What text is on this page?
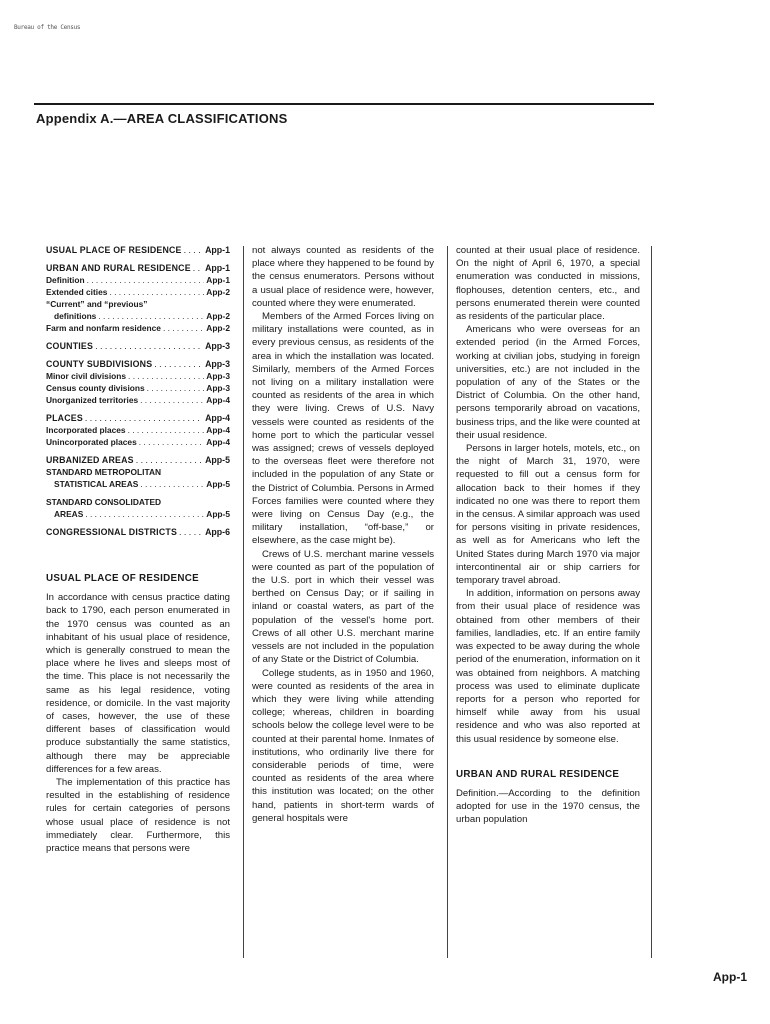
Bureau of the Census
Appendix A.—AREA CLASSIFICATIONS
USUAL PLACE OF RESIDENCE . . .	App-1
URBAN AND RURAL RESIDENCE . . . App-1
Definition . . .	App-1
Extended cities . . .	App-2
“Current” and “previous”
definitions . . .	App-2
Farm and nonfarm residence . . .	App-2
COUNTIES . . .	App-3
COUNTY SUBDIVISIONS . . .	App-3
Minor civil divisions . . .	App-3
Census county divisions . . .	App-3
Unorganized territories . . .	App-4
PLACES . . .	App-4
Incorporated places . . .	App-4
Unincorporated places . . .	App-4
URBANIZED AREAS . . .	App-5
STANDARD METROPOLITAN
STATISTICAL AREAS . . .	App-5
STANDARD CONSOLIDATED
AREAS . . .	App-5
CONGRESSIONAL DISTRICTS . . .	App-6
USUAL PLACE OF RESIDENCE

In accordance with census practice dating back to 1790, each person enumerated in the 1970 census was counted as an inhabitant of his usual place of residence, which is generally construed to mean the place where he lives and sleeps most of the time. This place is not necessarily the same as his legal residence, voting residence, or domicile. In the vast majority of cases, however, the use of these different bases of classification would produce substantially the same statistics, although there may be appreciable differences for a few areas.

The implementation of this practice has resulted in the establishing of residence rules for certain categories of persons whose usual place of residence is not immediately clear. Furthermore, this practice means that persons were

not always counted as residents of the place where they happened to be found by the census enumerators. Persons without a usual place of residence were, however, counted where they were enumerated.

Members of the Armed Forces living on military installations were counted, as in every previous census, as residents of the area in which the installation was located. Similarly, members of the Armed Forces not living on a military installation were counted as residents of the area in which they were living. Crews of U.S. Navy vessels were counted as residents of the home port to which the particular vessel was assigned; crews of vessels deployed to the overseas fleet were therefore not included in the population of any State or the District of Columbia. Persons in Armed Forces families were counted where they were living on Census Day (e.g., the military installation, “off-base,” or elsewhere, as the case might be).

Crews of U.S. merchant marine vessels were counted as part of the population of the U.S. port in which their vessel was berthed on Census Day; or if sailing in inland or coastal waters, as part of the population of the vessel's home port. Crews of all other U.S. merchant marine vessels are not included in the population of any State or the District of Columbia.

College students, as in 1950 and 1960, were counted as residents of the area in which they were living while attending college; whereas, children in boarding schools below the college level were to be counted at their parental home. Inmates of institutions, who ordinarily live there for considerable periods of time, were counted as residents of the area where this institution was located; on the other hand, patients in short-term wards of general hospitals were

counted at their usual place of residence. On the night of April 6, 1970, a special enumeration was conducted in missions, flophouses, detention centers, etc., and persons enumerated therein were counted as residents of the particular place.

Americans who were overseas for an extended period (in the Armed Forces, working at civilian jobs, studying in foreign universities, etc.) are not included in the population of any of the States or the District of Columbia. On the other hand, persons temporarily abroad on vacations, business trips, and the like were counted at their usual residence.

Persons in larger hotels, motels, etc., on the night of March 31, 1970, were requested to fill out a census form for allocation back to their homes if they indicated no one was there to report them in the census. A similar approach was used for persons visiting in private residences, as well as for Americans who left the United States during March 1970 via major intercontinental air or ship carriers for temporary travel abroad.

In addition, information on persons away from their usual place of residence was obtained from other members of their families, landladies, etc. If an entire family was expected to be away during the whole period of the enumeration, information on it was obtained from neighbors. A matching process was used to eliminate duplicate reports for a person who reported for himself while away from his usual residence and who was also reported at this usual residence by someone else.

URBAN AND RURAL RESIDENCE

Definition.—According to the definition adopted for use in the 1970 census, the urban population

App-1
